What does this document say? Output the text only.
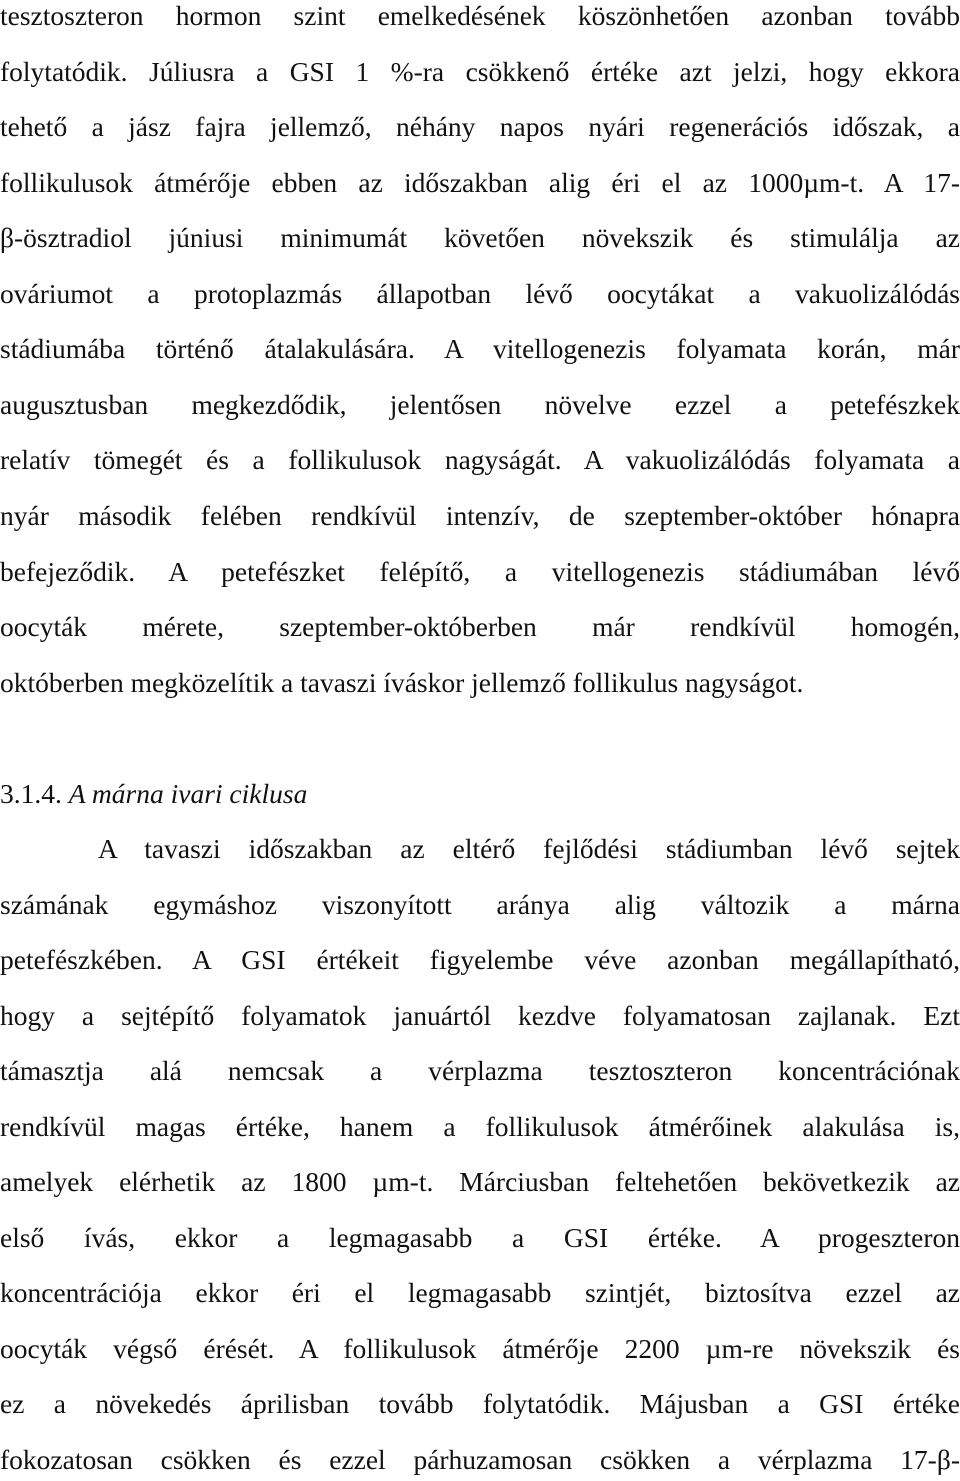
tesztoszteron hormon szint emelkedésének köszönhetően azonban tovább
folytatódik. Júliusra a GSI 1 %-ra csökkenő értéke azt jelzi, hogy ekkora
tehető a jász fajra jellemző, néhány napos nyári regenerációs időszak, a
follikulusok átmérője ebben az időszakban alig éri el az 1000µm-t. A 17-
β-ösztradiol júniusi minimumát követően növekszik és stimulálja az
ováriumot a protoplazmás állapotban lévő oocytákat a vakuolizálódás
stádiumába történő átalakulására. A vitellogenezis folyamata korán, már
augusztusban megkezdődik, jelentősen növelve ezzel a petefészkek
relatív tömegét és a follikulusok nagyságát. A vakuolizálódás folyamata a
nyár második felében rendkívül intenzív, de szeptember-október hónapra
befejeződik. A petefészket felépítő, a vitellogenezis stádiumában lévő
oocyták mérete, szeptember-októberben már rendkívül homogén,
októberben megközelítik a tavaszi íváskor jellemző follikulus nagyságot.
3.1.4. A márna ivari ciklusa
A tavaszi időszakban az eltérő fejlődési stádiumban lévő sejtek
számának egymáshoz viszonyított aránya alig változik a márna
petefészkében. A GSI értékeit figyelembe véve azonban megállapítható,
hogy a sejtépítő folyamatok januártól kezdve folyamatosan zajlanak. Ezt
támasztja alá nemcsak a vérplazma tesztoszteron koncentrációnak
rendkívül magas értéke, hanem a follikulusok átmérőinek alakulása is,
amelyek elérhetik az 1800 µm-t. Márciusban feltehetően bekövetkezik az
első ívás, ekkor a legmagasabb a GSI értéke. A progeszteron
koncentrációja ekkor éri el legmagasabb szintjét, biztosítva ezzel az
oocyták végső érését. A follikulusok átmérője 2200 µm-re növekszik és
ez a növekedés áprilisban tovább folytatódik. Májusban a GSI értéke
fokozatosan csökken és ezzel párhuzamosan csökken a vérplazma 17-β-
